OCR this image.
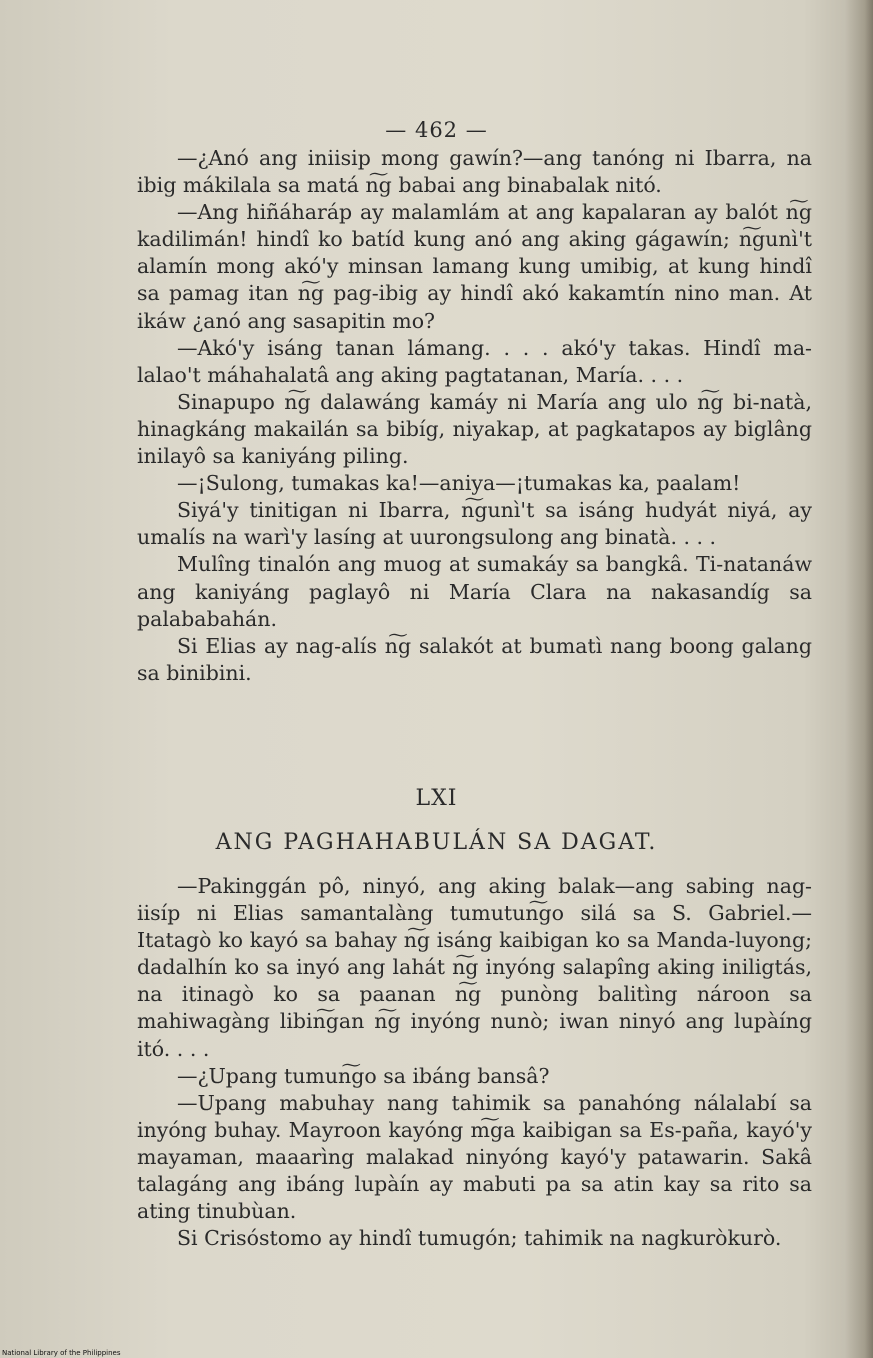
— 462 —

—¿Anó ang iniisip mong gawín?—ang tanóng ni Ibarra, na ibig mákilala sa matá n͠g babai ang binabalak nitó.

—Ang hiñáharáp ay malamlám at ang kapalaran ay balót n͠g kadilimán! hindî ko batíd kung anó ang aking gágawín; n͠gunì't alamín mong akó'y minsan lamang kung umibig, at kung hindî sa pamag itan n͠g pag-ibig ay hindî akó kakamtín nino man. At ikáw ¿anó ang sasapitin mo?

—Akó'y isáng tanan lámang. . . . akó'y takas. Hindî ma-lalao't máhahalatâ ang aking pagtatanan, María. . . .

Sinapupo n͠g dalawáng kamáy ni María ang ulo n͠g bi-natà, hinagkáng makailán sa bibíg, niyakap, at pagkatapos ay biglâng inilayô sa kaniyáng piling.

—¡Sulong, tumakas ka!—aniya—¡tumakas ka, paalam!

Siyá'y tinitigan ni Ibarra, n͠gunì't sa isáng hudyát niyá, ay umalís na warì'y lasíng at uurongsulong ang binatà. . . .

Mulîng tinalón ang muog at sumakáy sa bangkâ. Ti-natanáw ang kaniyáng paglayô ni María Clara na nakasandíg sa palababahán.

Si Elias ay nag-alís n͠g salakót at bumatì nang boong galang sa binibini.

LXI
ANG PAGHAHABULÁN SA DAGAT.

—Pakinggán pô, ninyó, ang aking balak—ang sabing nag-iisíp ni Elias samantalàng tumutun͠go silá sa S. Gabriel.— Itatagò ko kayó sa bahay n͠g isáng kaibigan ko sa Manda-luyong; dadalhín ko sa inyó ang lahát n͠g inyóng salapîng aking iniligtás, na itinagò ko sa paanan n͠g punòng balitìng nároon sa mahiwagàng libin͠gan n͠g inyóng nunò; iwan ninyó ang lupàíng itó. . . .

—¿Upang tumun͠go sa ibáng bansâ?

—Upang mabuhay nang tahimik sa panahóng nálalabí sa inyóng buhay. Mayroon kayóng m͠ga kaibigan sa Es-paña, kayó'y mayaman, maaarìng malakad ninyóng kayó'y patawarin. Sakâ talagáng ang ibáng lupàín ay mabuti pa sa atin kay sa rito sa ating tinubùan.

Si Crisóstomo ay hindî tumugón; tahimik na nagkuròkurò.

National Library of the Philippines
